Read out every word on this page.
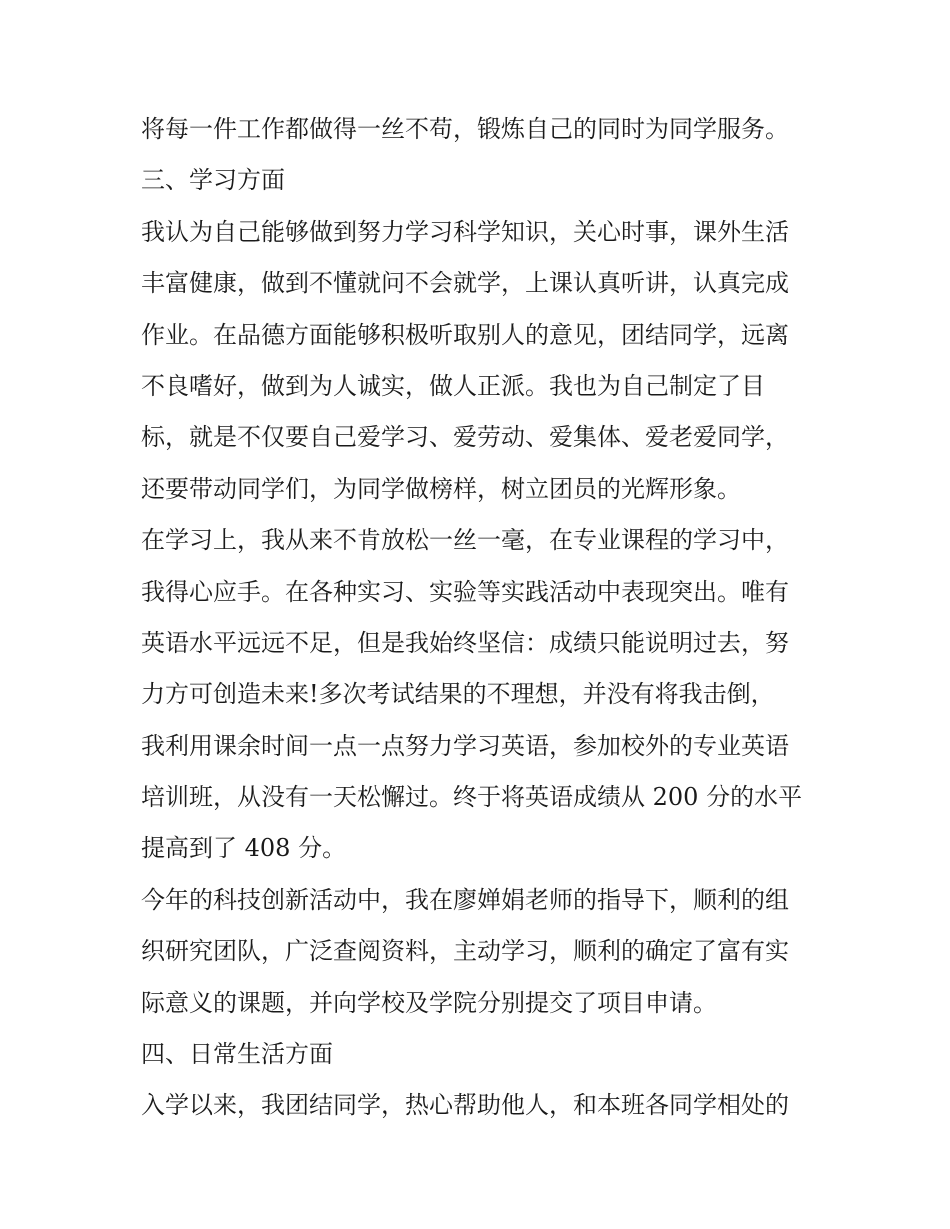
将每一件工作都做得一丝不苟，锻炼自己的同时为同学服务。
三、学习方面
我认为自己能够做到努力学习科学知识，关心时事，课外生活
丰富健康，做到不懂就问不会就学，上课认真听讲，认真完成
作业。在品德方面能够积极听取别人的意见，团结同学，远离
不良嗜好，做到为人诚实，做人正派。我也为自己制定了目
标，就是不仅要自己爱学习、爱劳动、爱集体、爱老爱同学，
还要带动同学们，为同学做榜样，树立团员的光辉形象。
在学习上，我从来不肯放松一丝一毫，在专业课程的学习中，
我得心应手。在各种实习、实验等实践活动中表现突出。唯有
英语水平远远不足，但是我始终坚信：成绩只能说明过去，努
力方可创造未来!多次考试结果的不理想，并没有将我击倒，
我利用课余时间一点一点努力学习英语，参加校外的专业英语
培训班，从没有一天松懈过。终于将英语成绩从 200 分的水平
提高到了 408 分。
今年的科技创新活动中，我在廖婵娟老师的指导下，顺利的组
织研究团队，广泛查阅资料，主动学习，顺利的确定了富有实
际意义的课题，并向学校及学院分别提交了项目申请。
四、日常生活方面
入学以来，我团结同学，热心帮助他人，和本班各同学相处的
